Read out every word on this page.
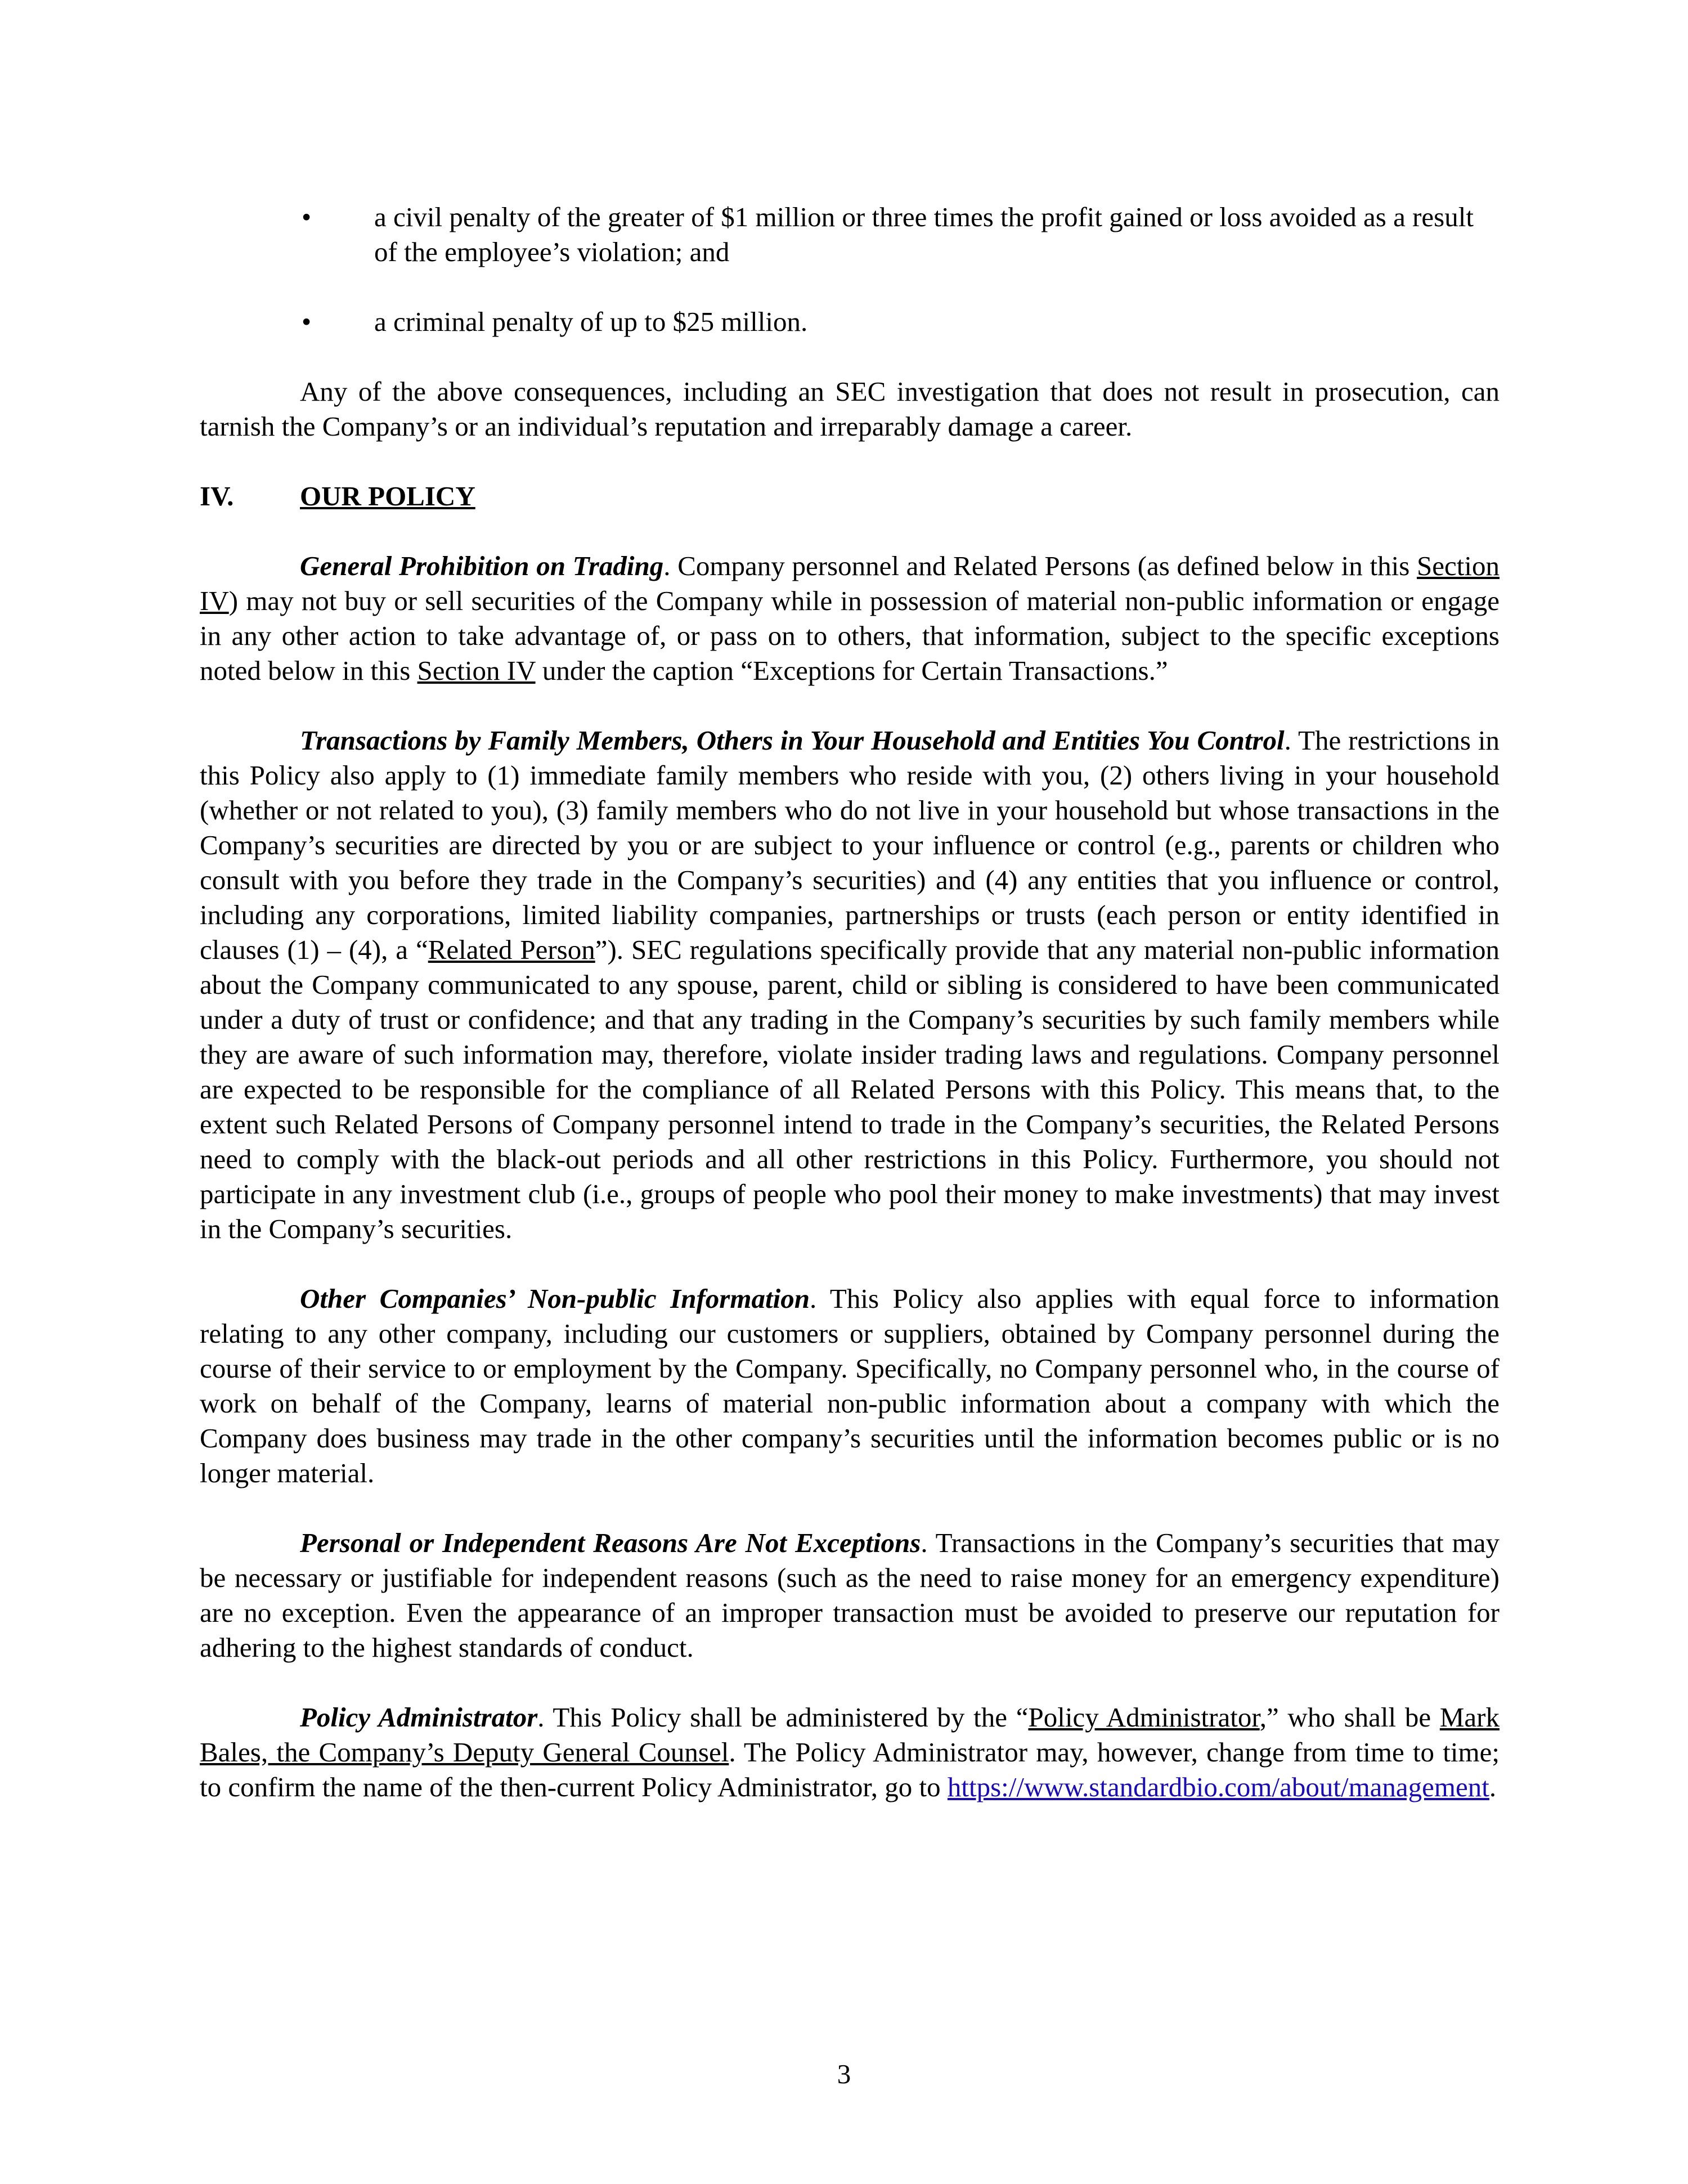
• a civil penalty of the greater of $1 million or three times the profit gained or loss avoided as a result of the employee’s violation; and
• a criminal penalty of up to $25 million.

Any of the above consequences, including an SEC investigation that does not result in prosecution, can tarnish the Company’s or an individual’s reputation and irreparably damage a career.

IV.	OUR POLICY

General Prohibition on Trading. Company personnel and Related Persons (as defined below in this Section IV) may not buy or sell securities of the Company while in possession of material non-public information or engage in any other action to take advantage of, or pass on to others, that information, subject to the specific exceptions noted below in this Section IV under the caption “Exceptions for Certain Transactions.”

Transactions by Family Members, Others in Your Household and Entities You Control. The restrictions in this Policy also apply to (1) immediate family members who reside with you, (2) others living in your household (whether or not related to you), (3) family members who do not live in your household but whose transactions in the Company’s securities are directed by you or are subject to your influence or control (e.g., parents or children who consult with you before they trade in the Company’s securities) and (4) any entities that you influence or control, including any corporations, limited liability companies, partnerships or trusts (each person or entity identified in clauses (1) – (4), a “Related Person”). SEC regulations specifically provide that any material non-public information about the Company communicated to any spouse, parent, child or sibling is considered to have been communicated under a duty of trust or confidence; and that any trading in the Company’s securities by such family members while they are aware of such information may, therefore, violate insider trading laws and regulations. Company personnel are expected to be responsible for the compliance of all Related Persons with this Policy. This means that, to the extent such Related Persons of Company personnel intend to trade in the Company’s securities, the Related Persons need to comply with the black-out periods and all other restrictions in this Policy. Furthermore, you should not participate in any investment club (i.e., groups of people who pool their money to make investments) that may invest in the Company’s securities.

Other Companies’ Non-public Information. This Policy also applies with equal force to information relating to any other company, including our customers or suppliers, obtained by Company personnel during the course of their service to or employment by the Company. Specifically, no Company personnel who, in the course of work on behalf of the Company, learns of material non-public information about a company with which the Company does business may trade in the other company’s securities until the information becomes public or is no longer material.

Personal or Independent Reasons Are Not Exceptions. Transactions in the Company’s securities that may be necessary or justifiable for independent reasons (such as the need to raise money for an emergency expenditure) are no exception. Even the appearance of an improper transaction must be avoided to preserve our reputation for adhering to the highest standards of conduct.

Policy Administrator. This Policy shall be administered by the “Policy Administrator,” who shall be Mark Bales, the Company’s Deputy General Counsel. The Policy Administrator may, however, change from time to time; to confirm the name of the then-current Policy Administrator, go to https://www.standardbio.com/about/management.

3
